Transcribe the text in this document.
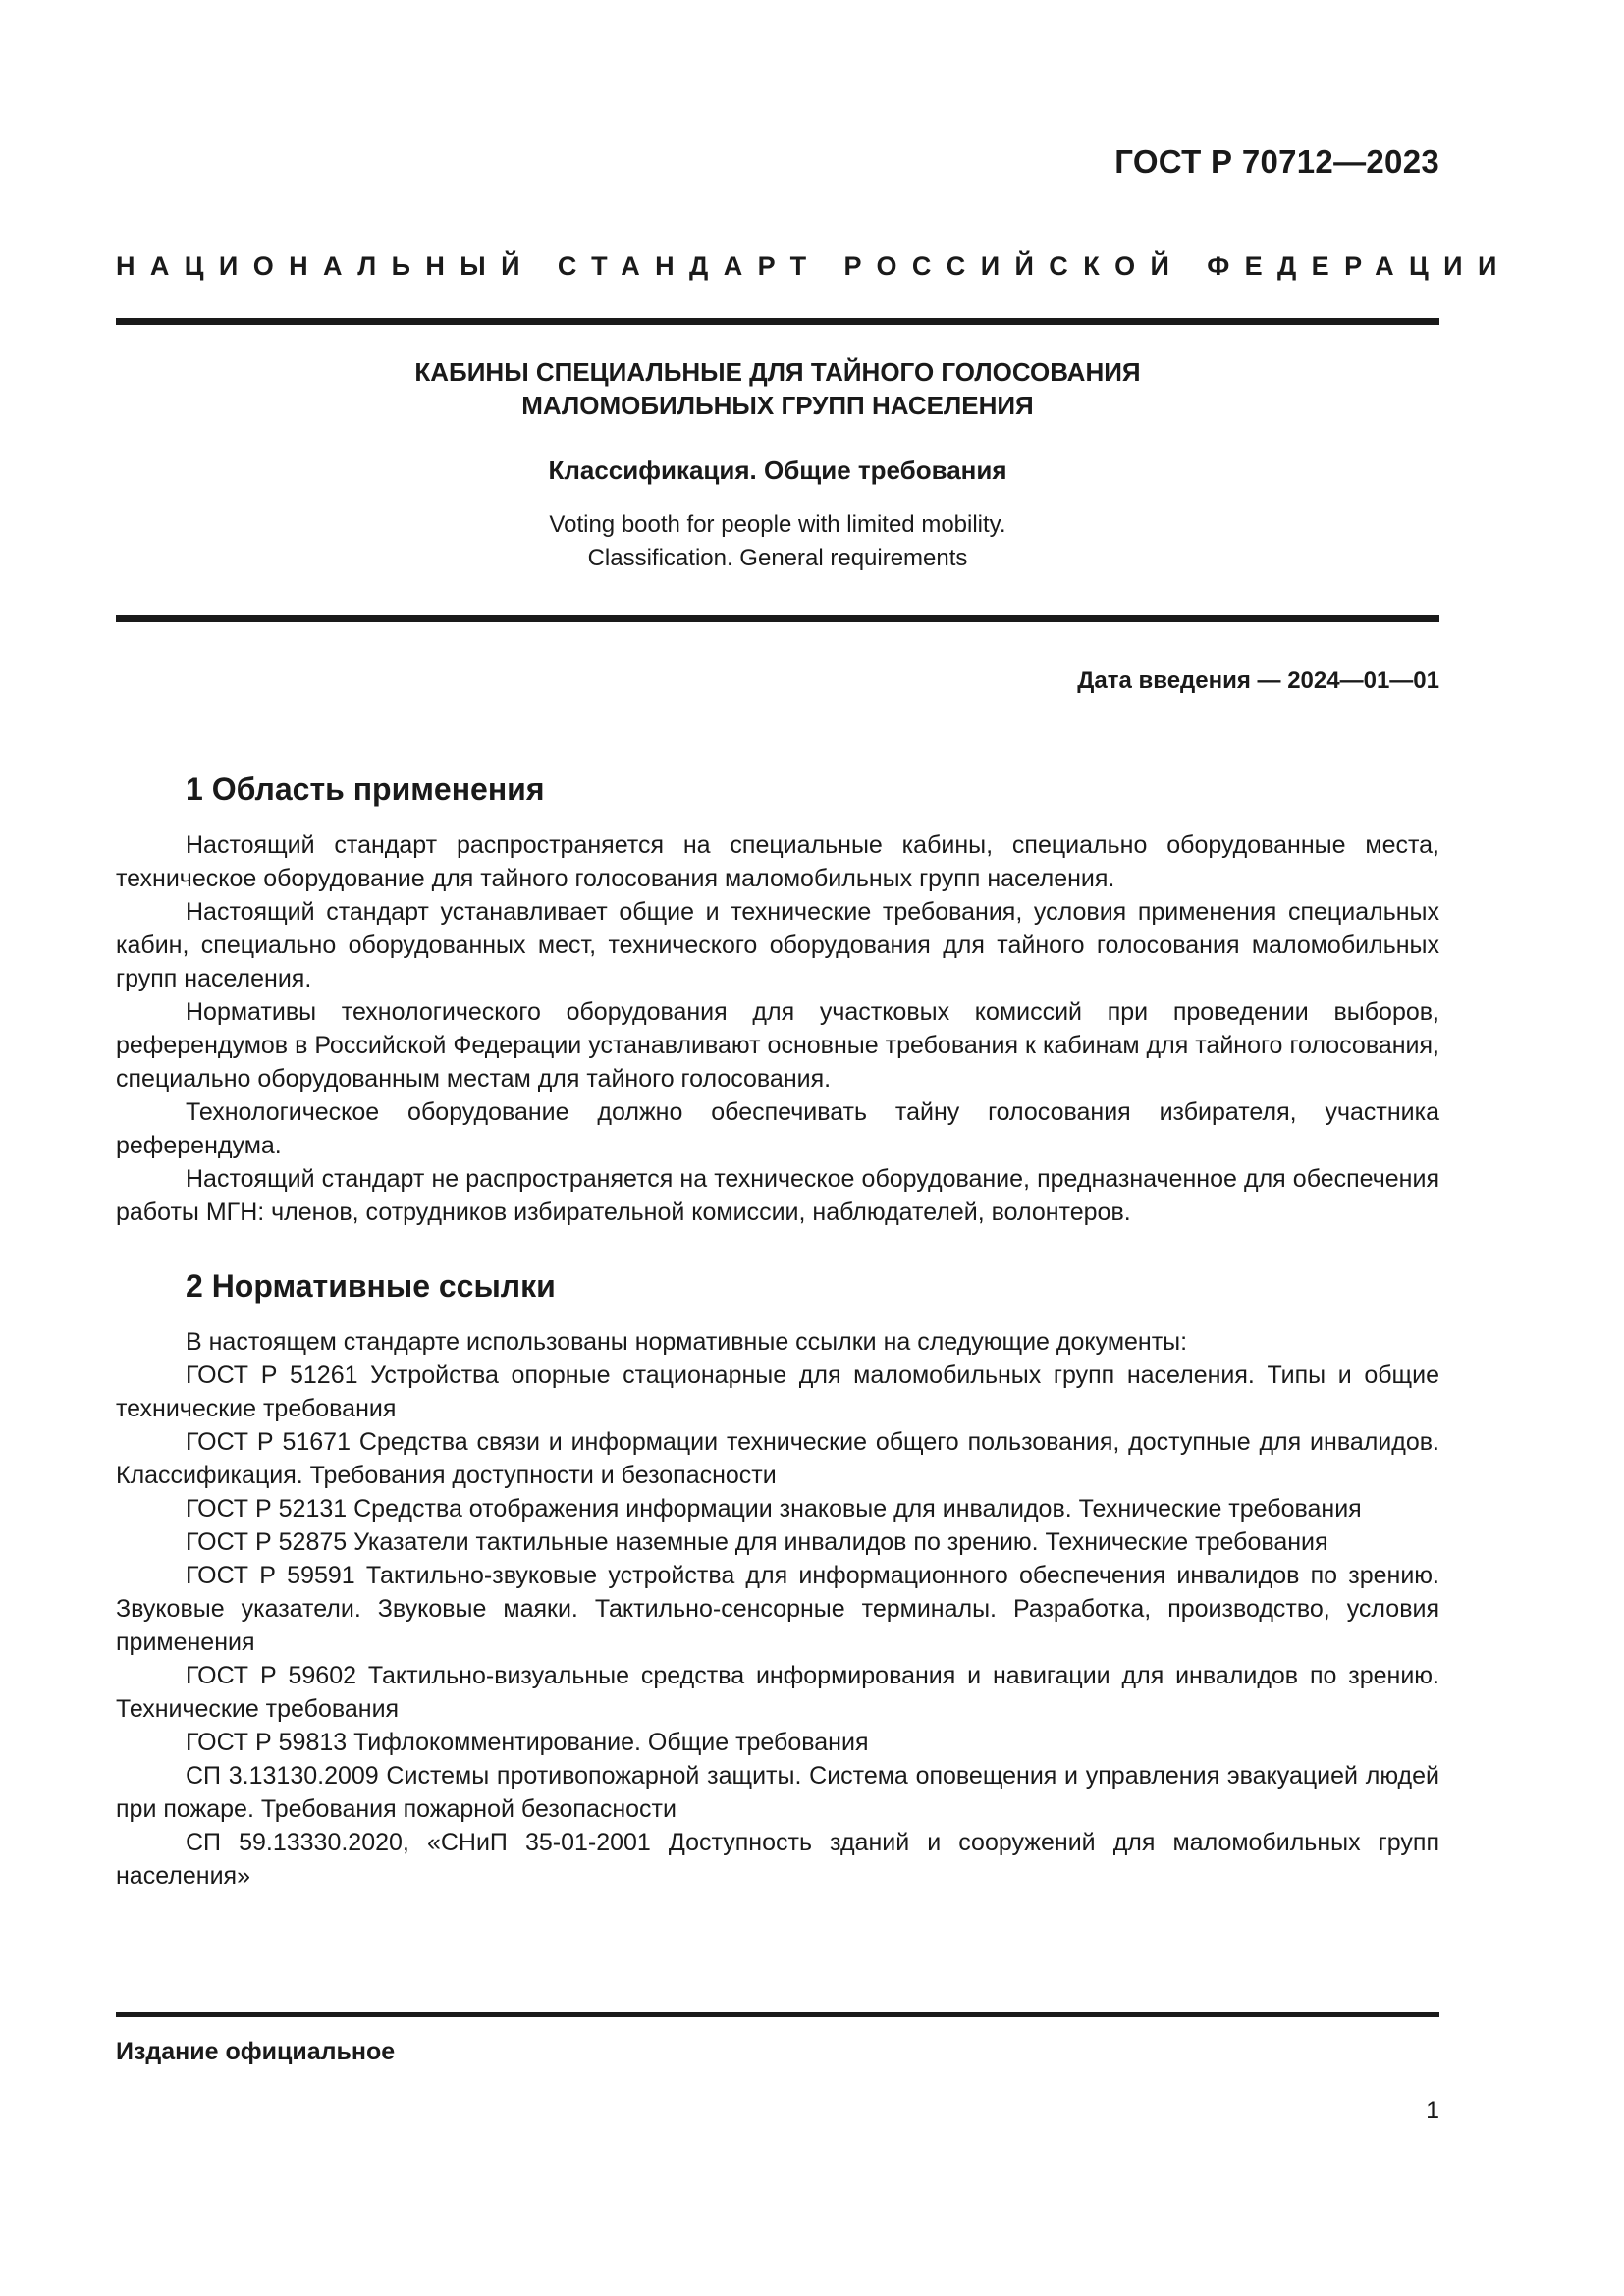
ГОСТ Р 70712—2023
НАЦИОНАЛЬНЫЙ СТАНДАРТ РОССИЙСКОЙ ФЕДЕРАЦИИ
КАБИНЫ СПЕЦИАЛЬНЫЕ ДЛЯ ТАЙНОГО ГОЛОСОВАНИЯ
МАЛОМОБИЛЬНЫХ ГРУПП НАСЕЛЕНИЯ
Классификация. Общие требования
Voting booth for people with limited mobility.
Classification. General requirements
Дата введения — 2024—01—01
1 Область применения

Настоящий стандарт распространяется на специальные кабины, специально оборудованные места, техническое оборудование для тайного голосования маломобильных групп населения.

Настоящий стандарт устанавливает общие и технические требования, условия применения специальных кабин, специально оборудованных мест, технического оборудования для тайного голосования маломобильных групп населения.

Нормативы технологического оборудования для участковых комиссий при проведении выборов, референдумов в Российской Федерации устанавливают основные требования к кабинам для тайного голосования, специально оборудованным местам для тайного голосования.

Технологическое оборудование должно обеспечивать тайну голосования избирателя, участника референдума.

Настоящий стандарт не распространяется на техническое оборудование, предназначенное для обеспечения работы МГН: членов, сотрудников избирательной комиссии, наблюдателей, волонтеров.

2 Нормативные ссылки

В настоящем стандарте использованы нормативные ссылки на следующие документы:

ГОСТ Р 51261 Устройства опорные стационарные для маломобильных групп населения. Типы и общие технические требования

ГОСТ Р 51671 Средства связи и информации технические общего пользования, доступные для инвалидов. Классификация. Требования доступности и безопасности

ГОСТ Р 52131 Средства отображения информации знаковые для инвалидов. Технические требования

ГОСТ Р 52875 Указатели тактильные наземные для инвалидов по зрению. Технические требования

ГОСТ Р 59591 Тактильно-звуковые устройства для информационного обеспечения инвалидов по зрению. Звуковые указатели. Звуковые маяки. Тактильно-сенсорные терминалы. Разработка, производство, условия применения

ГОСТ Р 59602 Тактильно-визуальные средства информирования и навигации для инвалидов по зрению. Технические требования

ГОСТ Р 59813 Тифлокомментирование. Общие требования

СП 3.13130.2009 Системы противопожарной защиты. Система оповещения и управления эвакуацией людей при пожаре. Требования пожарной безопасности

СП 59.13330.2020, «СНиП 35-01-2001 Доступность зданий и сооружений для маломобильных групп населения»

Издание официальное
1
